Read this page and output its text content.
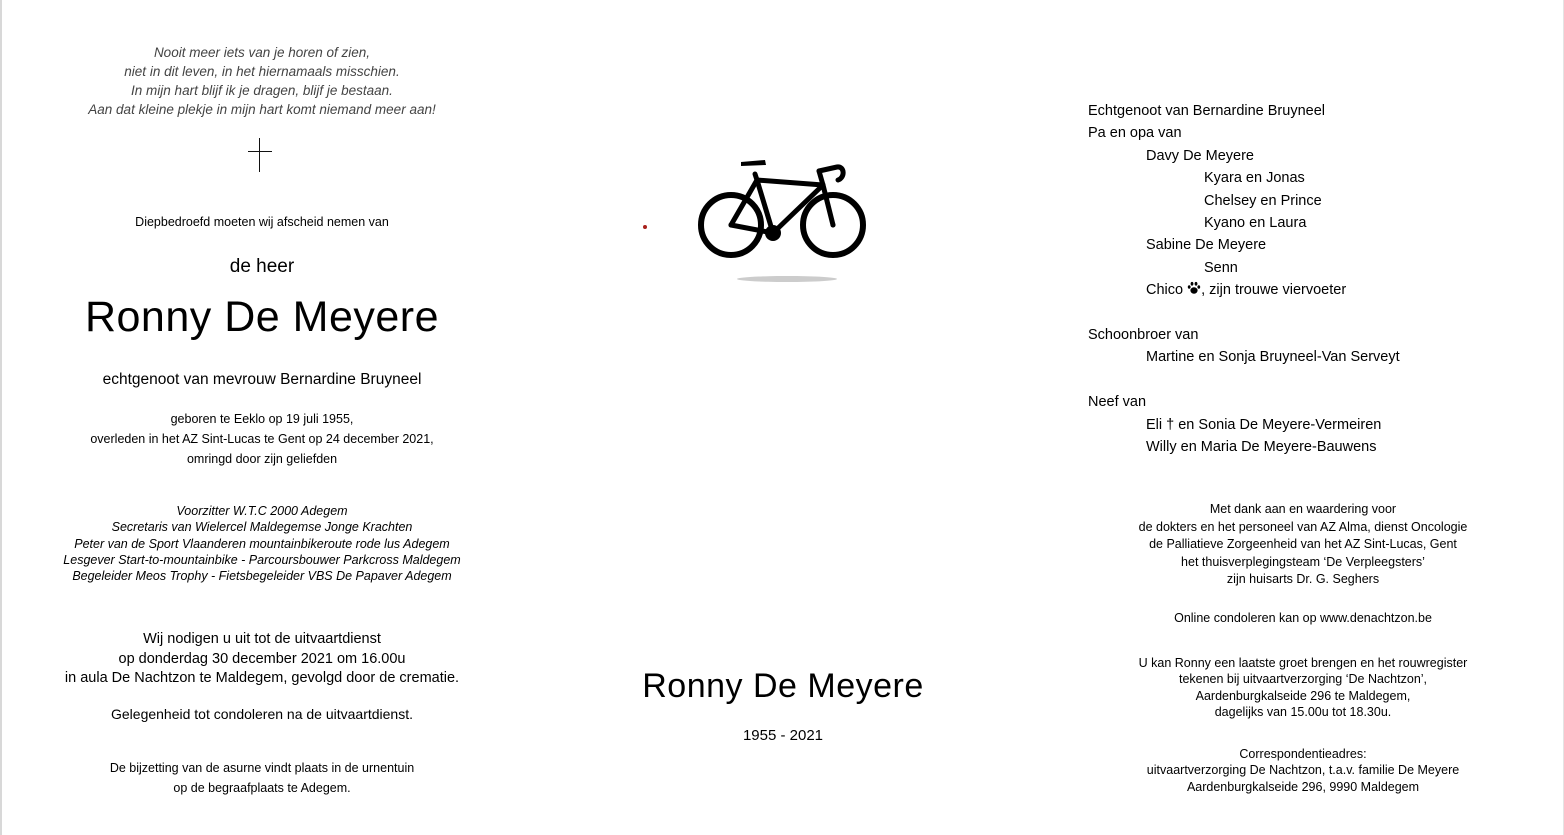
Nooit meer iets van je horen of zien,
niet in dit leven, in het hiernamaals misschien.
In mijn hart blijf ik je dragen, blijf je bestaan.
Aan dat kleine plekje in mijn hart komt niemand meer aan!
Diepbedroefd moeten wij afscheid nemen van
de heer
Ronny De Meyere
echtgenoot van mevrouw Bernardine Bruyneel
geboren te Eeklo op 19 juli 1955,
overleden in het AZ Sint-Lucas te Gent op 24 december 2021,
omringd door zijn geliefden
Voorzitter W.T.C 2000 Adegem
Secretaris van Wielercel Maldegemse Jonge Krachten
Peter van de Sport Vlaanderen mountainbikeroute rode lus Adegem
Lesgever Start-to-mountainbike - Parcoursbouwer Parkcross Maldegem
Begeleider Meos Trophy - Fietsbegeleider VBS De Papaver Adegem
Wij nodigen u uit tot de uitvaartdienst
op donderdag 30 december 2021 om 16.00u
in aula De Nachtzon te Maldegem, gevolgd door de crematie.
Gelegenheid tot condoleren na de uitvaartdienst.
De bijzetting van de asurne vindt plaats in de urnentuin
op de begraafplaats te Adegem.
Ronny De Meyere
1955 - 2021
Echtgenoot van Bernardine Bruyneel
Pa en opa van
Davy De Meyere
Kyara en Jonas
Chelsey en Prince
Kyano en Laura
Sabine De Meyere
Senn
Chico , zijn trouwe viervoeter
Schoonbroer van
Martine en Sonja Bruyneel-Van Serveyt
Neef van
Eli † en Sonia De Meyere-Vermeiren
Willy en Maria De Meyere-Bauwens
Met dank aan en waardering voor
de dokters en het personeel van AZ Alma, dienst Oncologie
de Palliatieve Zorgeenheid van het AZ Sint-Lucas, Gent
het thuisverplegingsteam ‘De Verpleegsters’
zijn huisarts Dr. G. Seghers
Online condoleren kan op www.denachtzon.be
U kan Ronny een laatste groet brengen en het rouwregister
tekenen bij uitvaartverzorging ‘De Nachtzon’,
Aardenburgkalseide 296 te Maldegem,
dagelijks van 15.00u tot 18.30u.
Correspondentieadres:
uitvaartverzorging De Nachtzon, t.a.v. familie De Meyere
Aardenburgkalseide 296, 9990 Maldegem
